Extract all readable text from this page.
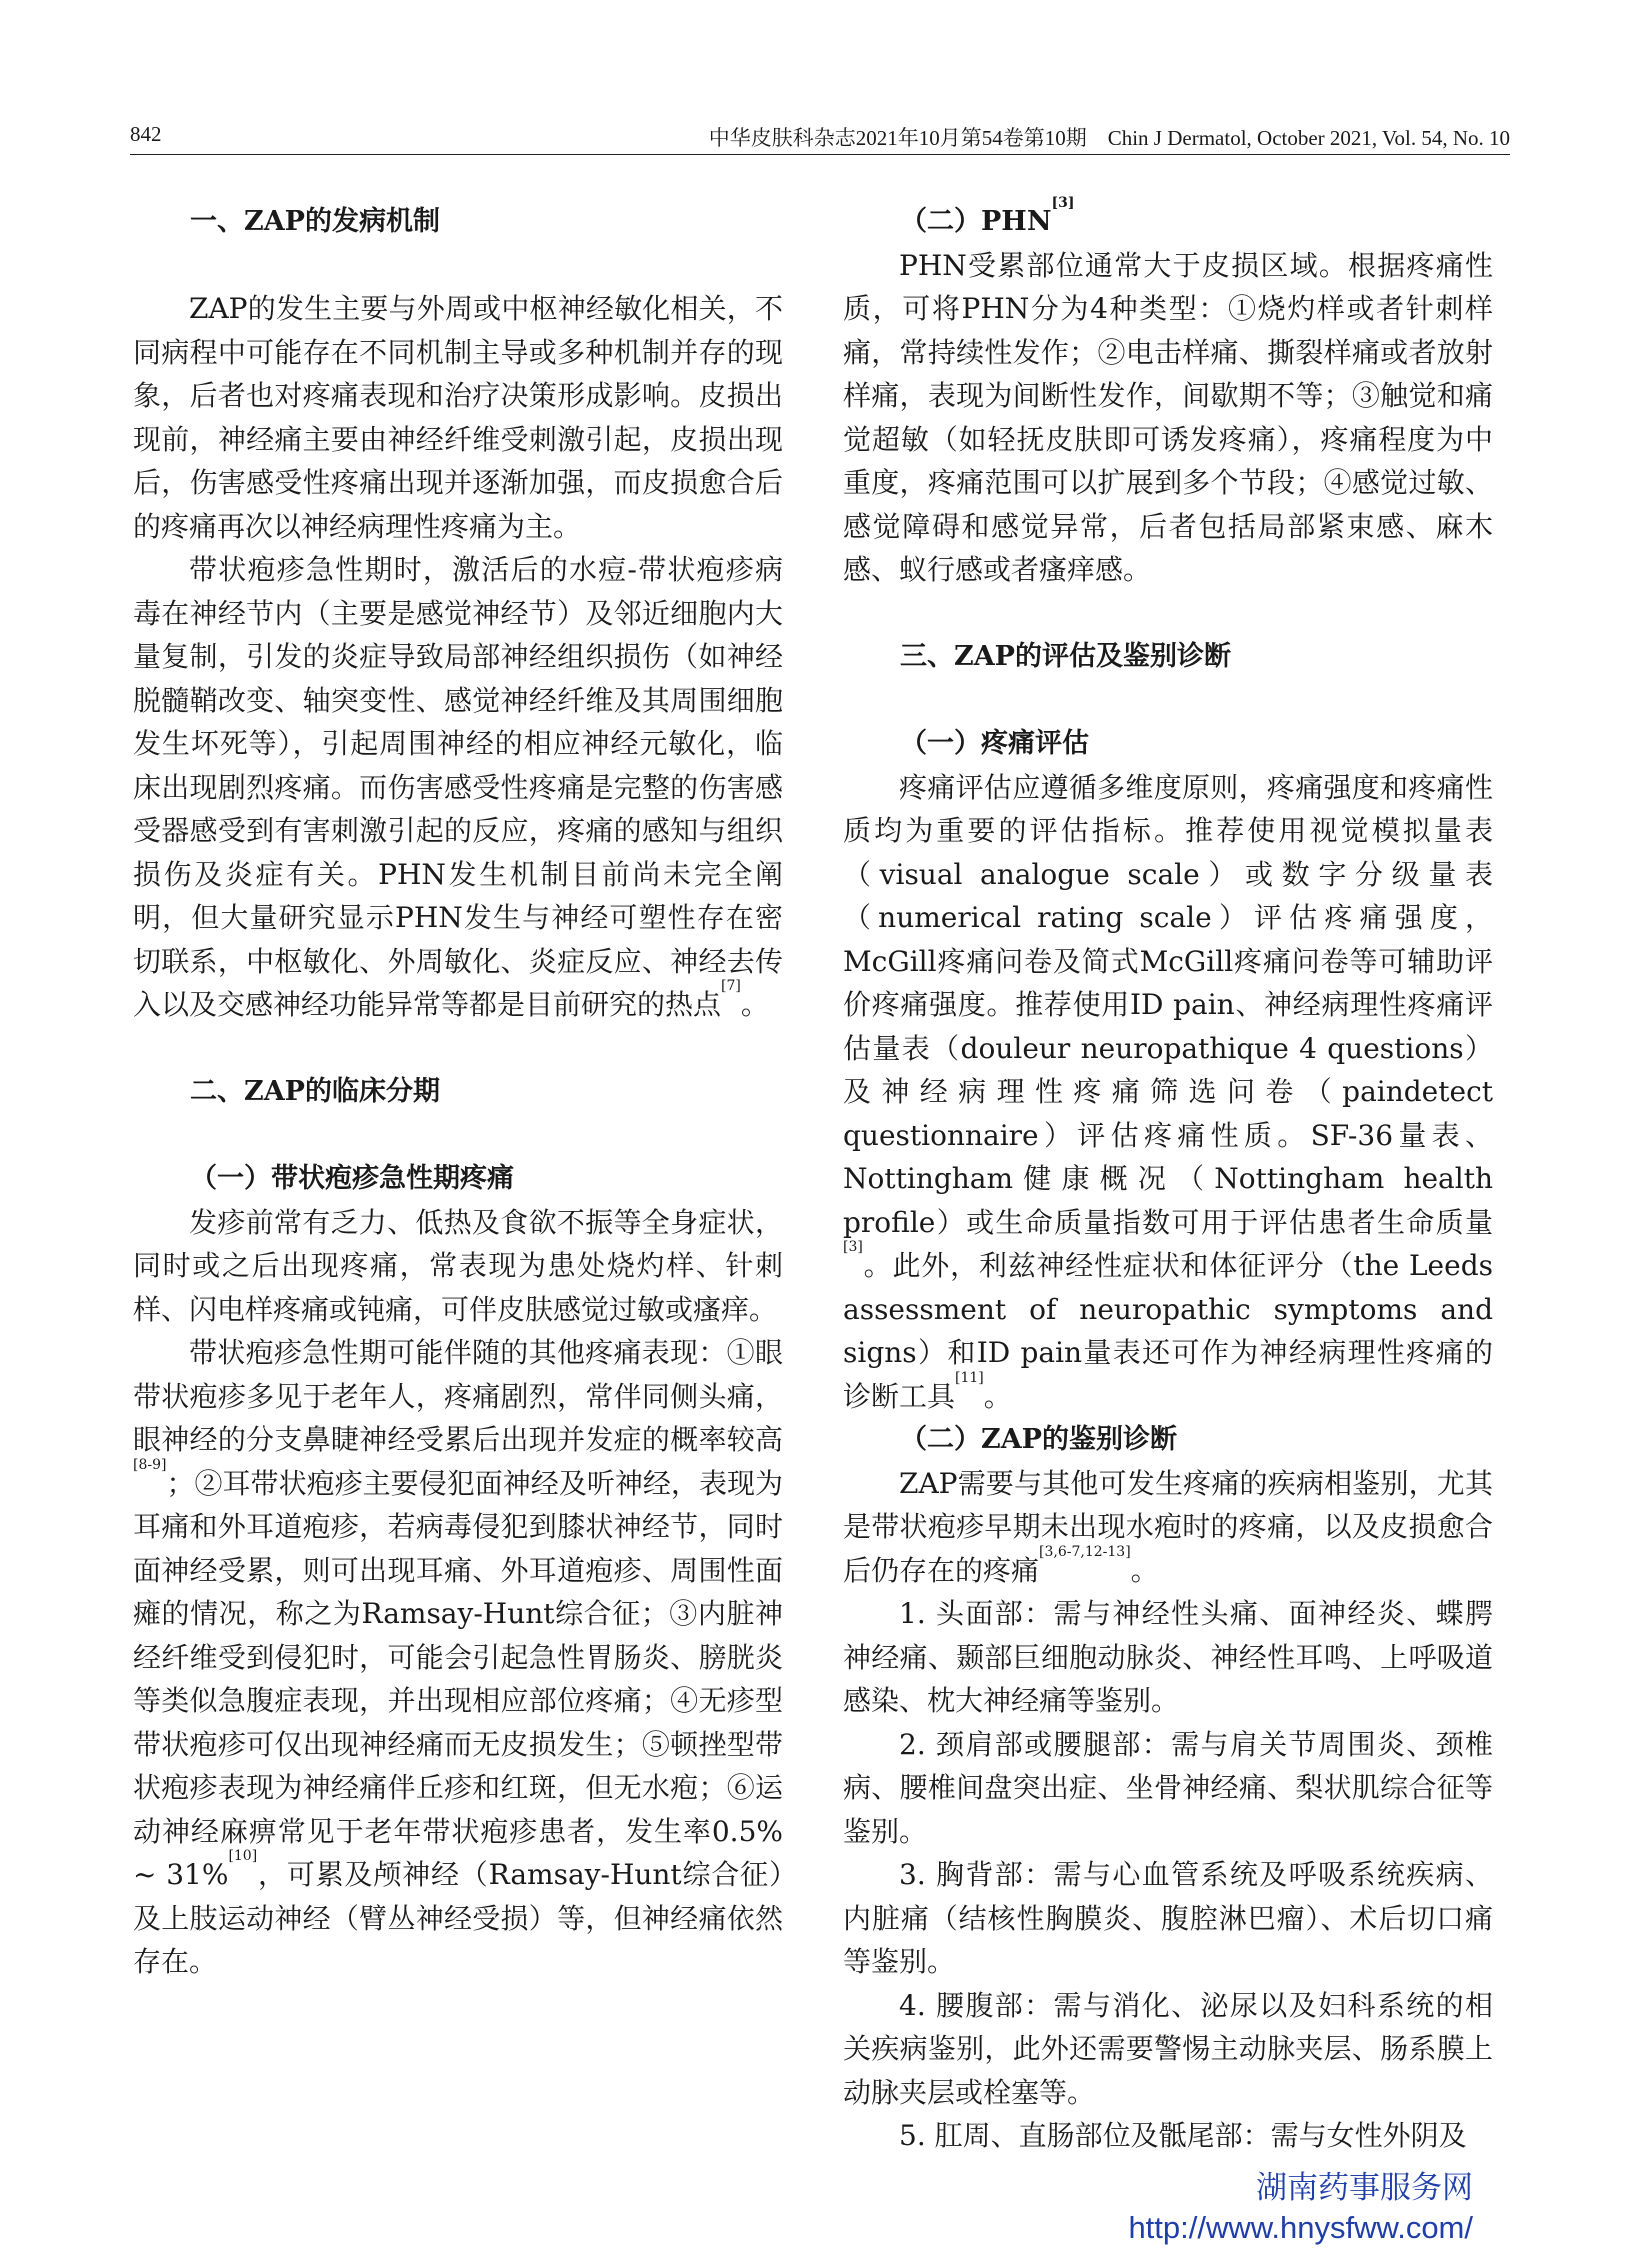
842	中华皮肤科杂志2021年10月第54卷第10期　Chin J Dermatol, October 2021, Vol. 54, No. 10
一、ZAP的发病机制

ZAP的发生主要与外周或中枢神经敏化相关，不同病程中可能存在不同机制主导或多种机制并存的现象，后者也对疼痛表现和治疗决策形成影响。皮损出现前，神经痛主要由神经纤维受刺激引起，皮损出现后，伤害感受性疼痛出现并逐渐加强，而皮损愈合后的疼痛再次以神经病理性疼痛为主。

带状疱疹急性期时，激活后的水痘-带状疱疹病毒在神经节内（主要是感觉神经节）及邻近细胞内大量复制，引发的炎症导致局部神经组织损伤（如神经脱髓鞘改变、轴突变性、感觉神经纤维及其周围细胞发生坏死等），引起周围神经的相应神经元敏化，临床出现剧烈疼痛。而伤害感受性疼痛是完整的伤害感受器感受到有害刺激引起的反应，疼痛的感知与组织损伤及炎症有关。PHN发生机制目前尚未完全阐明，但大量研究显示PHN发生与神经可塑性存在密切联系，中枢敏化、外周敏化、炎症反应、神经去传入以及交感神经功能异常等都是目前研究的热点[7]。

二、ZAP的临床分期
（一）带状疱疹急性期疼痛

发疹前常有乏力、低热及食欲不振等全身症状，同时或之后出现疼痛，常表现为患处烧灼样、针刺样、闪电样疼痛或钝痛，可伴皮肤感觉过敏或瘙痒。

带状疱疹急性期可能伴随的其他疼痛表现：①眼带状疱疹多见于老年人，疼痛剧烈，常伴同侧头痛，眼神经的分支鼻睫神经受累后出现并发症的概率较高[8-9]；②耳带状疱疹主要侵犯面神经及听神经，表现为耳痛和外耳道疱疹，若病毒侵犯到膝状神经节，同时面神经受累，则可出现耳痛、外耳道疱疹、周围性面瘫的情况，称之为Ramsay-Hunt综合征；③内脏神经纤维受到侵犯时，可能会引起急性胃肠炎、膀胱炎等类似急腹症表现，并出现相应部位疼痛；④无疹型带状疱疹可仅出现神经痛而无皮损发生；⑤顿挫型带状疱疹表现为神经痛伴丘疹和红斑，但无水疱；⑥运动神经麻痹常见于老年带状疱疹患者，发生率0.5% ~ 31%[10]，可累及颅神经（Ramsay-Hunt综合征）及上肢运动神经（臂丛神经受损）等，但神经痛依然存在。

（二）PHN[3]

PHN受累部位通常大于皮损区域。根据疼痛性质，可将PHN分为4种类型：①烧灼样或者针刺样痛，常持续性发作；②电击样痛、撕裂样痛或者放射样痛，表现为间断性发作，间歇期不等；③触觉和痛觉超敏（如轻抚皮肤即可诱发疼痛），疼痛程度为中重度，疼痛范围可以扩展到多个节段；④感觉过敏、感觉障碍和感觉异常，后者包括局部紧束感、麻木感、蚁行感或者瘙痒感。

三、ZAP的评估及鉴别诊断
（一）疼痛评估

疼痛评估应遵循多维度原则，疼痛强度和疼痛性质均为重要的评估指标。推荐使用视觉模拟量表（visual analogue scale）或数字分级量表（numerical rating scale）评估疼痛强度，McGill疼痛问卷及简式McGill疼痛问卷等可辅助评价疼痛强度。推荐使用ID pain、神经病理性疼痛评估量表（douleur neuropathique 4 questions）及神经病理性疼痛筛选问卷（paindetect questionnaire）评估疼痛性质。SF-36量表、Nottingham健康概况（Nottingham health profile）或生命质量指数可用于评估患者生命质量[3]。此外，利兹神经性症状和体征评分（the Leeds assessment of neuropathic symptoms and signs）和ID pain量表还可作为神经病理性疼痛的诊断工具[11]。

（二）ZAP的鉴别诊断

ZAP需要与其他可发生疼痛的疾病相鉴别，尤其是带状疱疹早期未出现水疱时的疼痛，以及皮损愈合后仍存在的疼痛[3,6-7,12-13]。

1. 头面部：需与神经性头痛、面神经炎、蝶腭神经痛、颞部巨细胞动脉炎、神经性耳鸣、上呼吸道感染、枕大神经痛等鉴别。

2. 颈肩部或腰腿部：需与肩关节周围炎、颈椎病、腰椎间盘突出症、坐骨神经痛、梨状肌综合征等鉴别。

3. 胸背部：需与心血管系统及呼吸系统疾病、内脏痛（结核性胸膜炎、腹腔淋巴瘤）、术后切口痛等鉴别。

4. 腰腹部：需与消化、泌尿以及妇科系统的相关疾病鉴别，此外还需要警惕主动脉夹层、肠系膜上动脉夹层或栓塞等。

5. 肛周、直肠部位及骶尾部：需与女性外阴及

湖南药事服务网
http://www.hnysfww.com/
